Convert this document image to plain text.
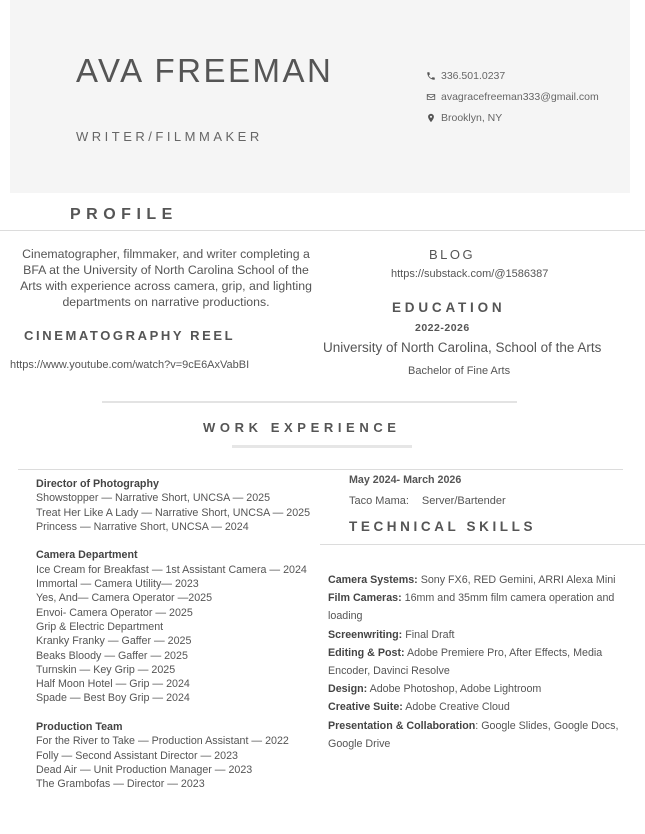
AVA FREEMAN
WRITER/FILMMAKER
336.501.0237
avagracefreeman333@gmail.com
Brooklyn, NY
PROFILE
Cinematographer, filmmaker, and writer completing a BFA at the University of North Carolina School of the Arts with experience across camera, grip, and lighting departments on narrative productions.
CINEMATOGRAPHY REEL
https://www.youtube.com/watch?v=9cE6AxVabBI
BLOG
https://substack.com/@1586387
EDUCATION
2022-2026
University of North Carolina, School of the Arts
Bachelor of Fine Arts
WORK EXPERIENCE
Director of Photography
Showstopper — Narrative Short, UNCSA — 2025
Treat Her Like A Lady — Narrative Short, UNCSA — 2025
Princess — Narrative Short, UNCSA — 2024
Camera Department
Ice Cream for Breakfast — 1st Assistant Camera — 2024
Immortal — Camera Utility— 2023
Yes, And— Camera Operator —2025
Envoi- Camera Operator — 2025
Grip & Electric Department
Kranky Franky — Gaffer — 2025
Beaks Bloody — Gaffer — 2025
Turnskin — Key Grip — 2025
Half Moon Hotel — Grip — 2024
Spade — Best Boy Grip — 2024
Production Team
For the River to Take — Production Assistant — 2022
Folly — Second Assistant Director — 2023
Dead Air — Unit Production Manager — 2023
The Grambofas — Director — 2023
May 2024- March 2026
Taco Mama: Server/Bartender
TECHNICAL SKILLS
Camera Systems: Sony FX6, RED Gemini, ARRI Alexa Mini
Film Cameras: 16mm and 35mm film camera operation and loading
Screenwriting: Final Draft
Editing & Post: Adobe Premiere Pro, After Effects, Media Encoder, Davinci Resolve
Design: Adobe Photoshop, Adobe Lightroom
Creative Suite: Adobe Creative Cloud
Presentation & Collaboration: Google Slides, Google Docs, Google Drive
